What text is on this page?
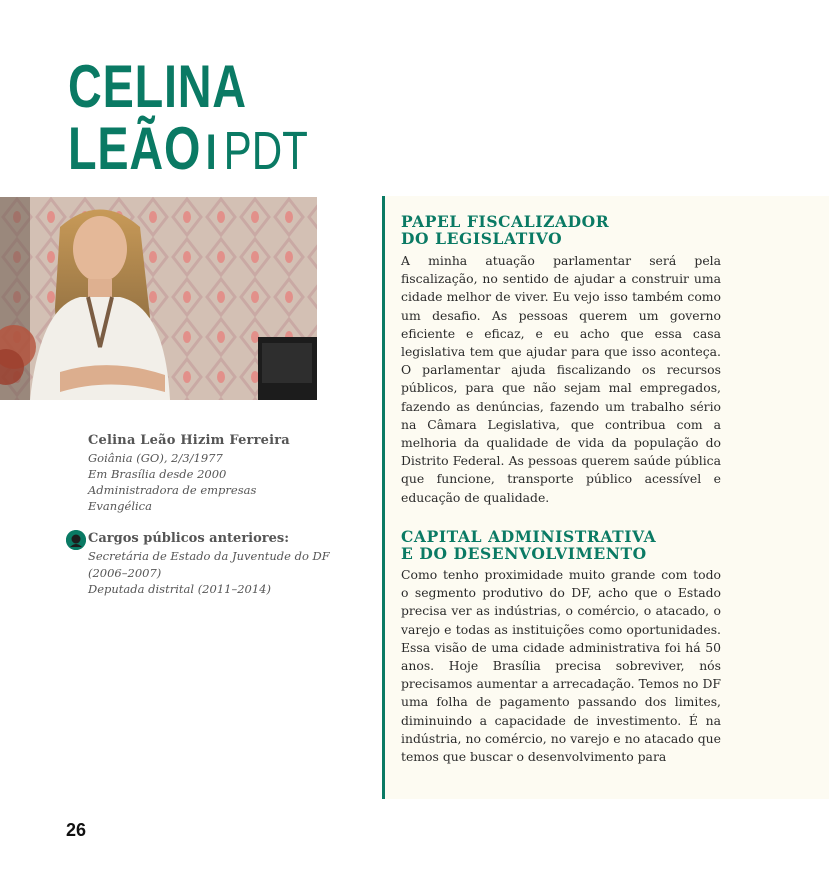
CELINA
LEÃOI PDT
Celina Leão Hizim Ferreira
Goiânia (GO), 2/3/1977
Em Brasília desde 2000
Administradora de empresas
Evangélica
Cargos públicos anteriores:
Secretária de Estado da Juventude do DF
(2006–2007)
Deputada distrital (2011–2014)
PAPEL FISCALIZADOR
DO LEGISLATIVO

A minha atuação parlamentar será pela fiscalização, no sentido de ajudar a construir uma cidade melhor de viver. Eu vejo isso também como um desafio. As pessoas querem um governo eficiente e eficaz, e eu acho que essa casa legislativa tem que ajudar para que isso aconteça. O parlamentar ajuda fiscalizando os recursos públicos, para que não sejam mal empregados, fazendo as denúncias, fazendo um trabalho sério na Câmara Legislativa, que contribua com a melhoria da qualidade de vida da população do Distrito Federal. As pessoas querem saúde pública que funcione, transporte público acessível e educação de qualidade.

CAPITAL ADMINISTRATIVA
E DO DESENVOLVIMENTO

Como tenho proximidade muito grande com todo o segmento produtivo do DF, acho que o Estado precisa ver as indústrias, o comércio, o atacado, o varejo e todas as instituições como oportunidades. Essa visão de uma cidade administrativa foi há 50 anos. Hoje Brasília precisa sobreviver, nós precisamos aumentar a arrecadação. Temos no DF uma folha de pagamento passando dos limites, diminuindo a capacidade de investimento. É na indústria, no comércio, no varejo e no atacado que temos que buscar o desenvolvimento para

26
